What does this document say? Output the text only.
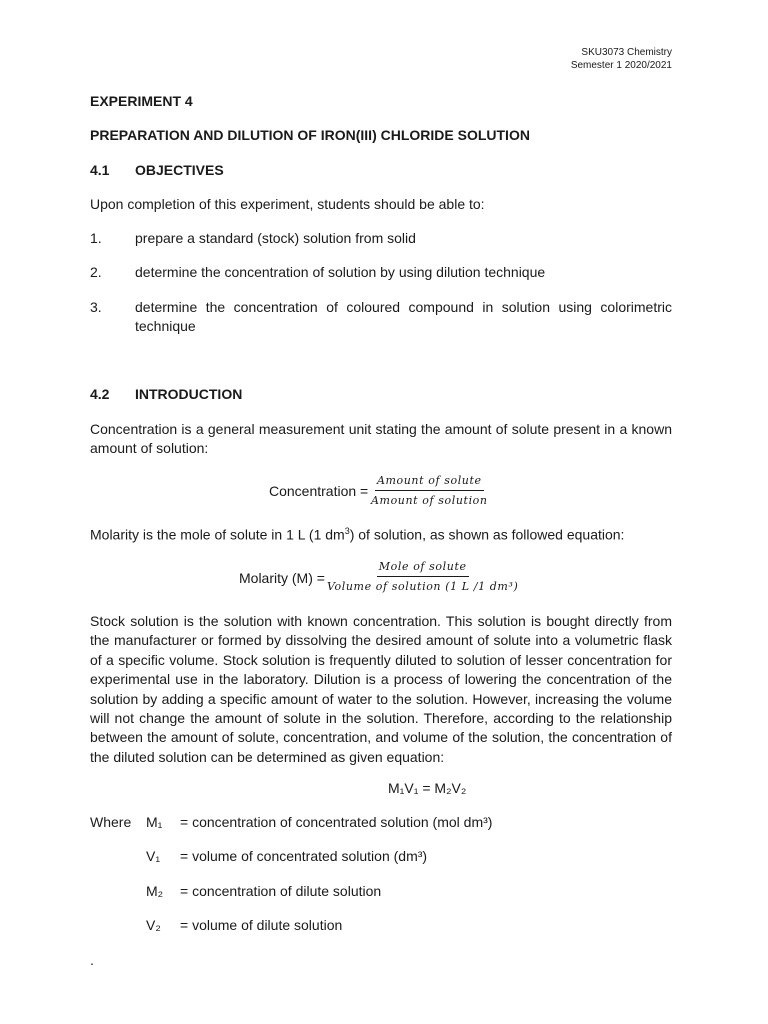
SKU3073 Chemistry
Semester 1 2020/2021
EXPERIMENT 4
PREPARATION AND DILUTION OF IRON(III) CHLORIDE SOLUTION
4.1 OBJECTIVES
Upon completion of this experiment, students should be able to:
1. prepare a standard (stock) solution from solid
2. determine the concentration of solution by using dilution technique
3. determine the concentration of coloured compound in solution using colorimetric technique
4.2 INTRODUCTION
Concentration is a general measurement unit stating the amount of solute present in a known amount of solution:
Concentration =
Amount of solute
Amount of solution
Molarity is the mole of solute in 1 L (1 $dm^3$) of solution, as shown as followed equation:
Molarity (M) =
Mole of solute
Volume of solution (1 L /1 dm³)
Stock solution is the solution with known concentration. This solution is bought directly from the manufacturer or formed by dissolving the desired amount of solute into a volumetric flask of a specific volume. Stock solution is frequently diluted to solution of lesser concentration for experimental use in the laboratory. Dilution is a process of lowering the concentration of the solution by adding a specific amount of water to the solution. However, increasing the volume will not change the amount of solute in the solution. Therefore, according to the relationship between the amount of solute, concentration, and volume of the solution, the concentration of the diluted solution can be determined as given equation:
M₁V₁ = M₂V₂
Where M₁ = concentration of concentrated solution (mol dm³)
V₁ = volume of concentrated solution (dm³)
M₂ = concentration of dilute solution
V₂ = volume of dilute solution
.
